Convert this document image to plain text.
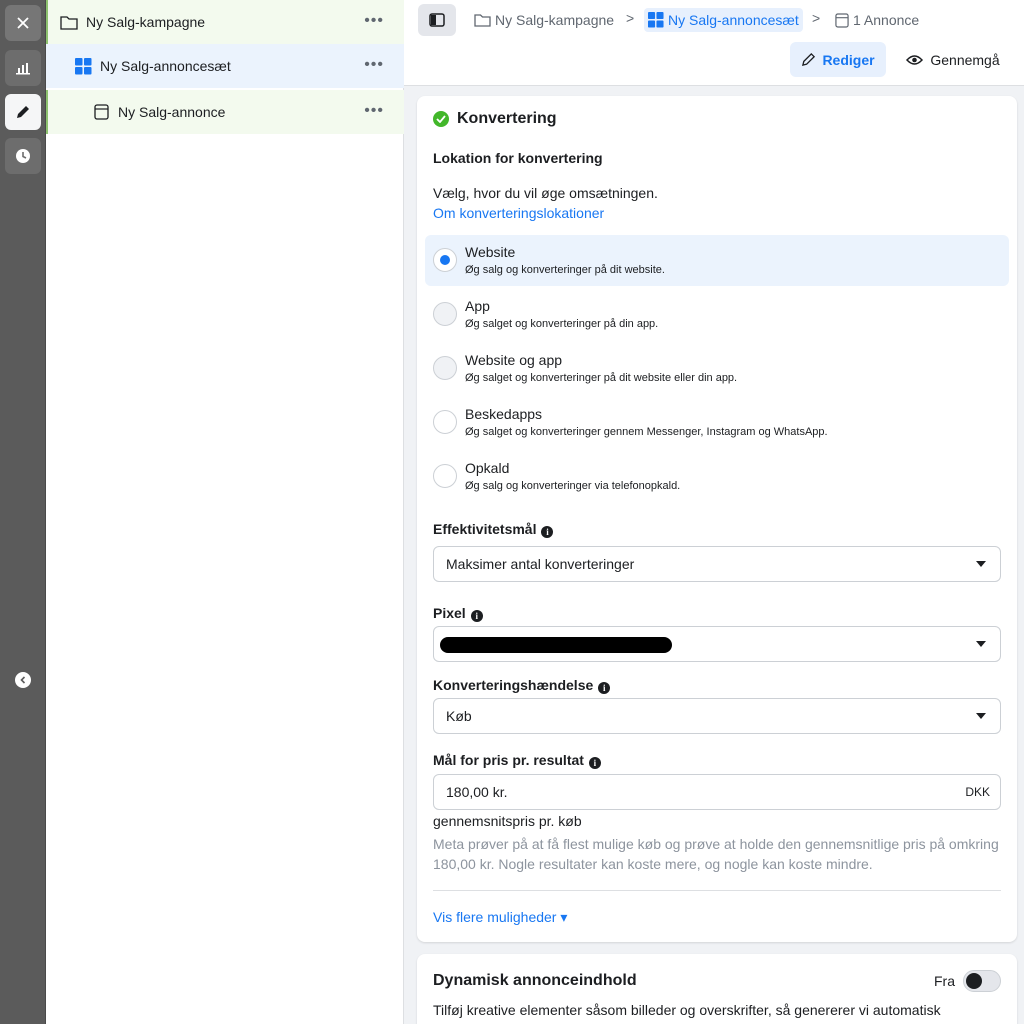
Ny Salg-kampagne	•••
Ny Salg-annoncesæt	•••
Ny Salg-annonce	•••
Ny Salg-kampagne > Ny Salg-annoncesæt > 1 Annonce
Rediger	Gennemgå
Konvertering
Lokation for konvertering
Vælg, hvor du vil øge omsætningen.
Om konverteringslokationer
Website
Øg salg og konverteringer på dit website.
App
Øg salget og konverteringer på din app.
Website og app
Øg salget og konverteringer på dit website eller din app.
Beskedapps
Øg salget og konverteringer gennem Messenger, Instagram og WhatsApp.
Opkald
Øg salg og konverteringer via telefonopkald.
Effektivitetsmål i
Maksimer antal konverteringer
Pixel i
Konverteringshændelse i
Køb
Mål for pris pr. resultat i
180,00 kr.	DKK
gennemsnitspris pr. køb
Meta prøver på at få flest mulige køb og prøve at holde den gennemsnitlige pris på omkring 180,00 kr. Nogle resultater kan koste mere, og nogle kan koste mindre.
Vis flere muligheder ▾
Dynamisk annonceindhold	Fra
Tilføj kreative elementer såsom billeder og overskrifter, så genererer vi automatisk
